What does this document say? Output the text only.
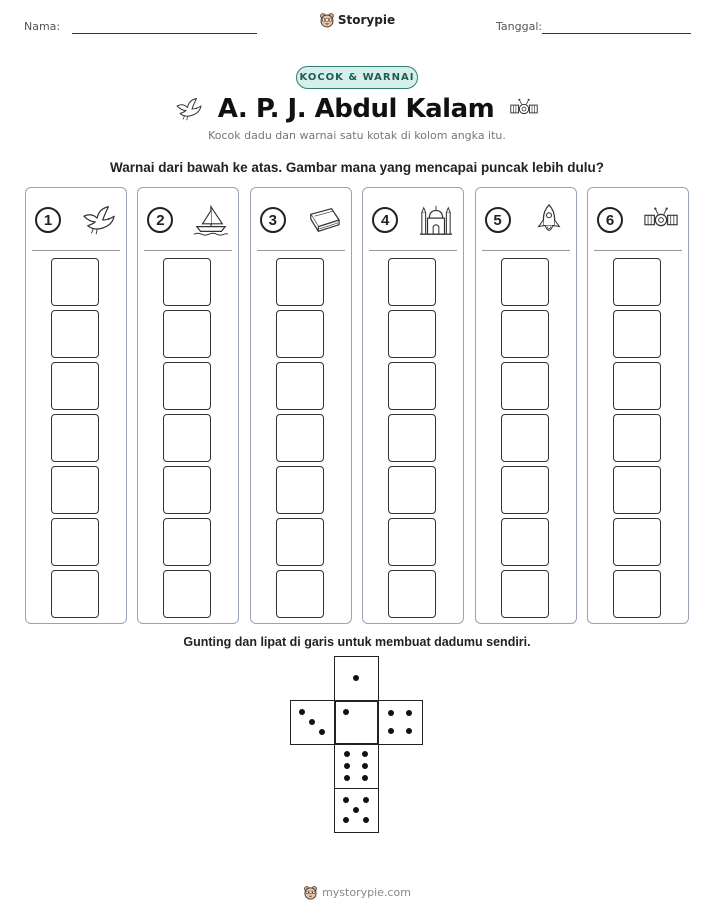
Nama:	Storypie	Tanggal:
KOCOK & WARNAI
A. P. J. Abdul Kalam
Kocok dadu dan warnai satu kotak di kolom angka itu.
Warnai dari bawah ke atas. Gambar mana yang mencapai puncak lebih dulu?
1	2	3	4	5	6
Gunting dan lipat di garis untuk membuat dadumu sendiri.
mystorypie.com
